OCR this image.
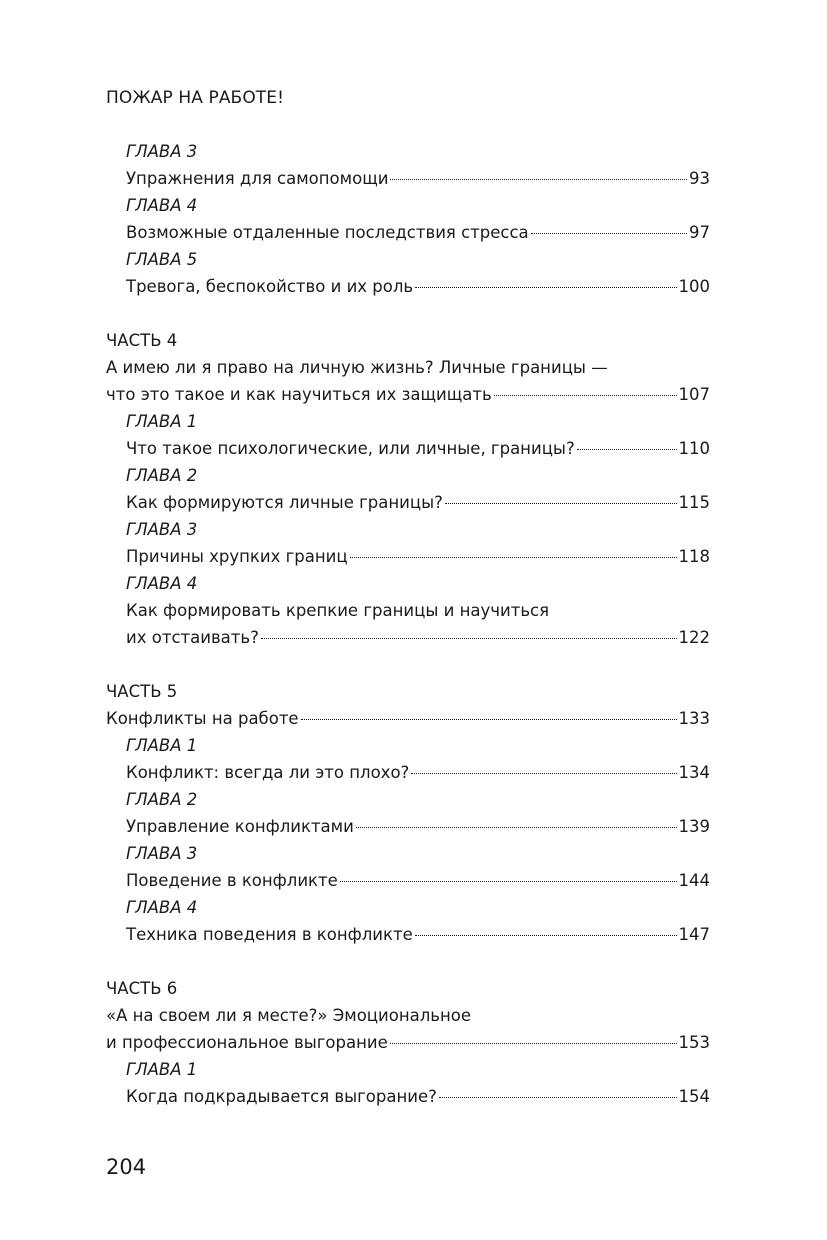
ПОЖАР НА РАБОТЕ!
ГЛАВА 3
Упражнения для самопомощи	93
ГЛАВА 4
Возможные отдаленные последствия стресса	97
ГЛАВА 5
Тревога, беспокойство и их роль	100
ЧАСТЬ 4
А имею ли я право на личную жизнь? Личные границы —
что это такое и как научиться их защищать	107
ГЛАВА 1
Что такое психологические, или личные, границы?	110
ГЛАВА 2
Как формируются личные границы?	115
ГЛАВА 3
Причины хрупких границ	118
ГЛАВА 4
Как формировать крепкие границы и научиться
их отстаивать?	122
ЧАСТЬ 5
Конфликты на работе	133
ГЛАВА 1
Конфликт: всегда ли это плохо?	134
ГЛАВА 2
Управление конфликтами	139
ГЛАВА 3
Поведение в конфликте	144
ГЛАВА 4
Техника поведения в конфликте	147
ЧАСТЬ 6
«А на своем ли я месте?» Эмоциональное
и профессиональное выгорание	153
ГЛАВА 1
Когда подкрадывается выгорание?	154
204
